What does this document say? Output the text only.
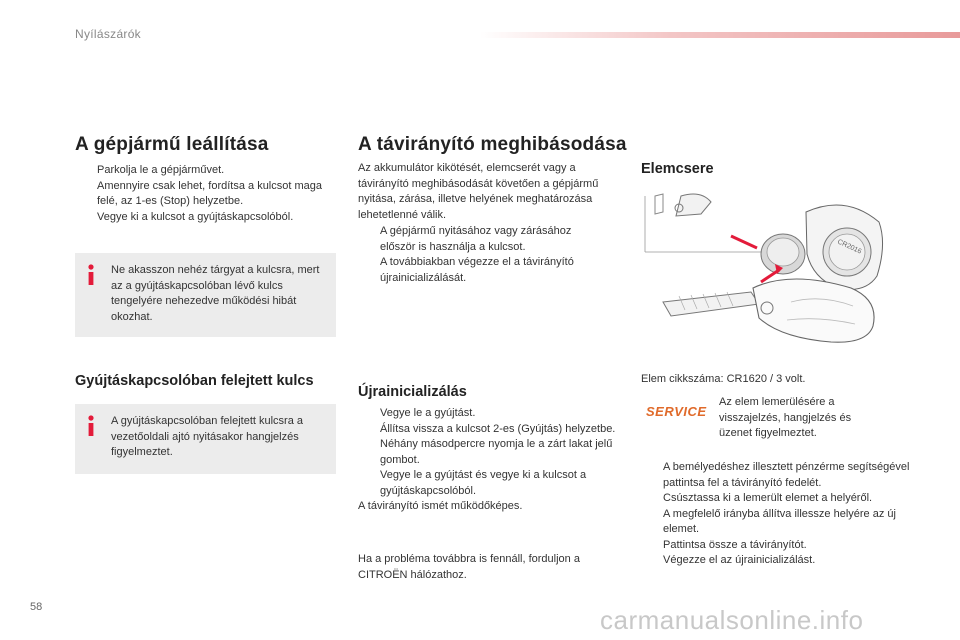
Nyílászárók
A gépjármű leállítása
Parkolja le a gépjárművet.
Amennyire csak lehet, fordítsa a kulcsot maga felé, az 1-es (Stop) helyzetbe.
Vegye ki a kulcsot a gyújtáskapcsolóból.
Ne akasszon nehéz tárgyat a kulcsra, mert az a gyújtáskapcsolóban lévő kulcs tengelyére nehezedve működési hibát okozhat.
Gyújtáskapcsolóban felejtett kulcs
A gyújtáskapcsolóban felejtett kulcsra a vezetőoldali ajtó nyitásakor hangjelzés figyelmeztet.
A távirányító meghibásodása
Az akkumulátor kikötését, elemcserét vagy a távirányító meghibásodását követően a gépjármű nyitása, zárása, illetve helyének meghatározása lehetetlenné válik.
A gépjármű nyitásához vagy zárásához először is használja a kulcsot.
A továbbiakban végezze el a távirányító újrainicializálását.
Újrainicializálás
Vegye le a gyújtást.
Állítsa vissza a kulcsot 2-es (Gyújtás) helyzetbe.
Néhány másodpercre nyomja le a zárt lakat jelű gombot.
Vegye le a gyújtást és vegye ki a kulcsot a gyújtáskapcsolóból.
A távirányító ismét működőképes.
Ha a probléma továbbra is fennáll, forduljon a CITROËN hálózathoz.
Elemcsere
CR2016
Elem cikkszáma: CR1620 / 3 volt.
SERVICE
Az elem lemerülésére a visszajelzés, hangjelzés és üzenet figyelmeztet.
A bemélyedéshez illesztett pénzérme segítségével pattintsa fel a távirányító fedelét.
Csúsztassa ki a lemerült elemet a helyéről.
A megfelelő irányba állítva illessze helyére az új elemet.
Pattintsa össze a távirányítót.
Végezze el az újrainicializálást.
58	carmanualsonline.info
